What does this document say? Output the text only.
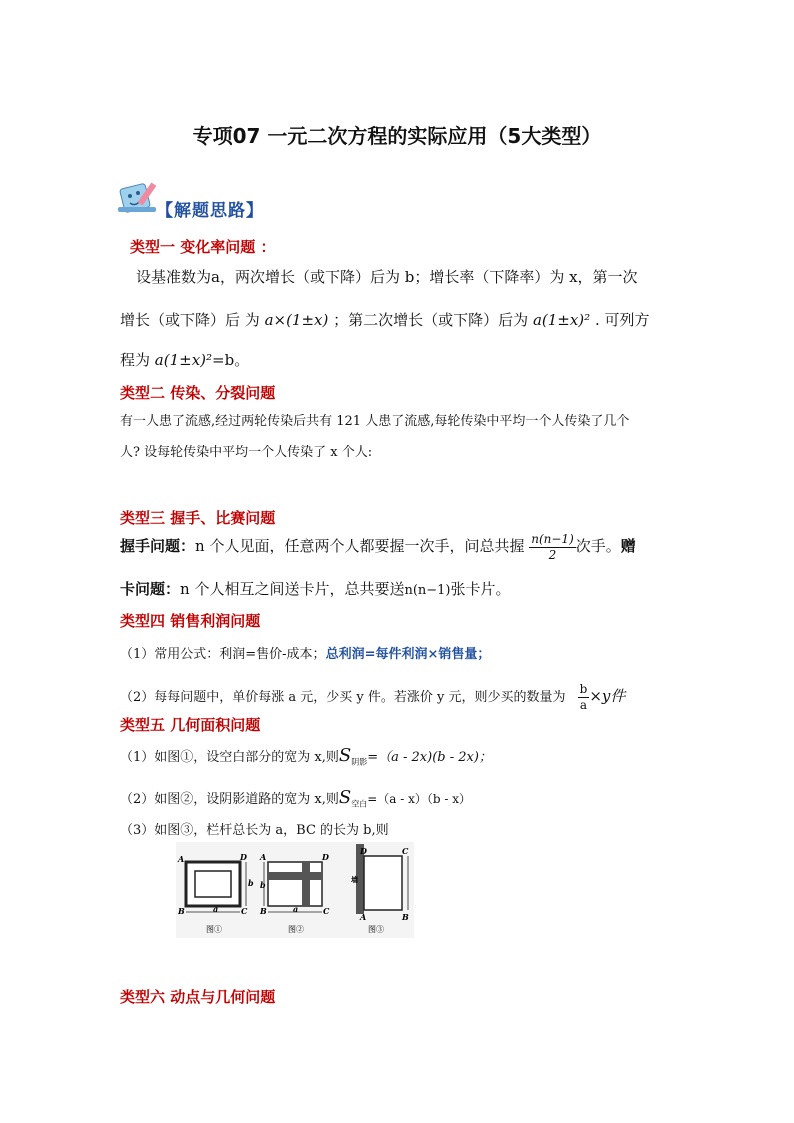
专项07 一元二次方程的实际应用（5大类型）
【解题思路】
类型一 变化率问题 ：
设基准数为a，两次增长（或下降）后为 b；增长率（下降率）为 x，第一次
增长（或下降）后 为 a×(1±x) ；第二次增长（或下降）后为 a(1±x)² . 可列方
程为 a(1±x)²=b。
类型二 传染、分裂问题
有一人患了流感,经过两轮传染后共有 121 人患了流感,每轮传染中平均一个人传染了几个
人? 设每轮传染中平均一个人传染了 x 个人:
类型三 握手、比赛问题
握手问题：n 个人见面，任意两个人都要握一次手，问总共握 $\frac{n(n-1)}{2}$ 次手。赠
卡问题：n 个人相互之间送卡片，总共要送n(n−1)张卡片。
类型四 销售利润问题
（1）常用公式：利润=售价-成本；总利润=每件利润×销售量；
（2）每每问题中，单价每涨 a 元，少买 y 件。若涨价 y 元，则少买的数量为 $\frac{b}{a} \times y$件
类型五 几何面积问题
（1）如图①，设空白部分的宽为 x,则$S_{阴影}=(a - 2x)(b - 2x)$；
（2）如图②，设阴影道路的宽为 x,则$S_{空白}=(a - x)(b - x)$
（3）如图③，栏杆总长为 a，BC 的长为 b,则
A	D
B	C
a
b
图①
A	D
B	C
a
b
图②
D	C
A	B
墙
图③
类型六 动点与几何问题
